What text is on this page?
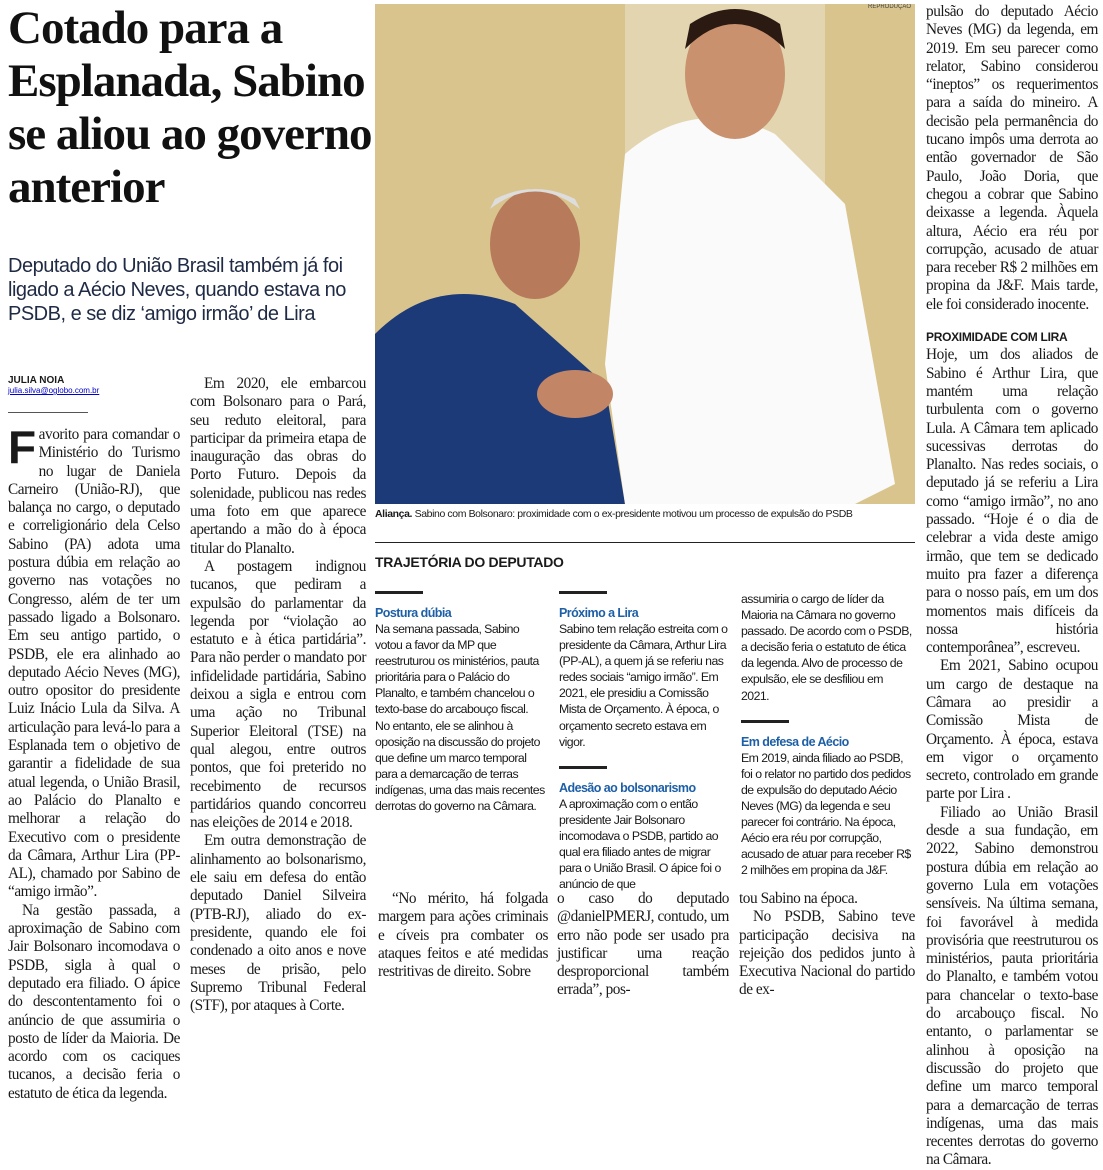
Cotado para a Esplanada, Sabino se aliou ao governo anterior
Deputado do União Brasil também já foi ligado a Aécio Neves, quando estava no PSDB, e se diz ‘amigo irmão’ de Lira
JULIA NOIA
julia.silva@oglobo.com.br

Favorito para comandar o Ministério do Turismo no lugar de Daniela Carneiro (União-RJ), que balança no cargo, o deputado e correligionário dela Celso Sabino (PA) adota uma postura dúbia em relação ao governo nas votações no Congresso, além de ter um passado ligado a Bolsonaro. Em seu antigo partido, o PSDB, ele era alinhado ao deputado Aécio Neves (MG), outro opositor do presidente Luiz Inácio Lula da Silva. A articulação para levá-lo para a Esplanada tem o objetivo de garantir a fidelidade de sua atual legenda, o União Brasil, ao Palácio do Planalto e melhorar a relação do Executivo com o presidente da Câmara, Arthur Lira (PP-AL), chamado por Sabino de “amigo irmão”.

Na gestão passada, a aproximação de Sabino com Jair Bolsonaro incomodava o PSDB, sigla à qual o deputado era filiado. O ápice do descontentamento foi o anúncio de que assumiria o posto de líder da Maioria. De acordo com os caciques tucanos, a decisão feria o estatuto de ética da legenda.

Em 2020, ele embarcou com Bolsonaro para o Pará, seu reduto eleitoral, para participar da primeira etapa de inauguração das obras do Porto Futuro. Depois da solenidade, publicou nas redes uma foto em que aparece apertando a mão do à época titular do Planalto.

A postagem indignou tucanos, que pediram a expulsão do parlamentar da legenda por “violação ao estatuto e à ética partidária”. Para não perder o mandato por infidelidade partidária, Sabino deixou a sigla e entrou com uma ação no Tribunal Superior Eleitoral (TSE) na qual alegou, entre outros pontos, que foi preterido no recebimento de recursos partidários quando concorreu nas eleições de 2014 e 2018.

Em outra demonstração de alinhamento ao bolsonarismo, ele saiu em defesa do então deputado Daniel Silveira (PTB-RJ), aliado do ex-presidente, quando ele foi condenado a oito anos e nove meses de prisão, pelo Supremo Tribunal Federal (STF), por ataques à Corte.

REPRODUÇÃO
Aliança. Sabino com Bolsonaro: proximidade com o ex-presidente motivou um processo de expulsão do PSDB
TRAJETÓRIA DO DEPUTADO
Postura dúbia

Na semana passada, Sabino votou a favor da MP que reestruturou os ministérios, pauta prioritária para o Palácio do Planalto, e também chancelou o texto-base do arcabouço fiscal. No entanto, ele se alinhou à oposição na discussão do projeto que define um marco temporal para a demarcação de terras indígenas, uma das mais recentes derrotas do governo na Câmara.

Próximo a Lira

Sabino tem relação estreita com o presidente da Câmara, Arthur Lira (PP-AL), a quem já se referiu nas redes sociais “amigo irmão”. Em 2021, ele presidiu a Comissão Mista de Orçamento. À época, o orçamento secreto estava em vigor.

Adesão ao bolsonarismo

A aproximação com o então presidente Jair Bolsonaro incomodava o PSDB, partido ao qual era filiado antes de migrar para o União Brasil. O ápice foi o anúncio de que

assumiria o cargo de líder da Maioria na Câmara no governo passado. De acordo com o PSDB, a decisão feria o estatuto de ética da legenda. Alvo de processo de expulsão, ele se desfiliou em 2021.

Em defesa de Aécio

Em 2019, ainda filiado ao PSDB, foi o relator no partido dos pedidos de expulsão do deputado Aécio Neves (MG) da legenda e seu parecer foi contrário. Na época, Aécio era réu por corrupção, acusado de atuar para receber R$ 2 milhões em propina da J&F.

“No mérito, há folgada margem para ações criminais e cíveis pra combater os ataques feitos e até medidas restritivas de direito. Sobre

o caso do deputado @danielPMERJ, contudo, um erro não pode ser usado pra justificar uma reação desproporcional também errada”, pos-

tou Sabino na época.

No PSDB, Sabino teve participação decisiva na rejeição dos pedidos junto à Executiva Nacional do partido de ex-

pulsão do deputado Aécio Neves (MG) da legenda, em 2019. Em seu parecer como relator, Sabino considerou “ineptos” os requerimentos para a saída do mineiro. A decisão pela permanência do tucano impôs uma derrota ao então governador de São Paulo, João Doria, que chegou a cobrar que Sabino deixasse a legenda. Àquela altura, Aécio era réu por corrupção, acusado de atuar para receber R$ 2 milhões em propina da J&F. Mais tarde, ele foi considerado inocente.

PROXIMIDADE COM LIRA

Hoje, um dos aliados de Sabino é Arthur Lira, que mantém uma relação turbulenta com o governo Lula. A Câmara tem aplicado sucessivas derrotas do Planalto. Nas redes sociais, o deputado já se referiu a Lira como “amigo irmão”, no ano passado. “Hoje é o dia de celebrar a vida deste amigo irmão, que tem se dedicado muito pra fazer a diferença para o nosso país, em um dos momentos mais difíceis da nossa história contemporânea”, escreveu.

Em 2021, Sabino ocupou um cargo de destaque na Câmara ao presidir a Comissão Mista de Orçamento. À época, estava em vigor o orçamento secreto, controlado em grande parte por Lira .

Filiado ao União Brasil desde a sua fundação, em 2022, Sabino demonstrou postura dúbia em relação ao governo Lula em votações sensíveis. Na última semana, foi favorável à medida provisória que reestruturou os ministérios, pauta prioritária do Planalto, e também votou para chancelar o texto-base do arcabouço fiscal. No entanto, o parlamentar se alinhou à oposição na discussão do projeto que define um marco temporal para a demarcação de terras indígenas, uma das mais recentes derrotas do governo na Câmara.
